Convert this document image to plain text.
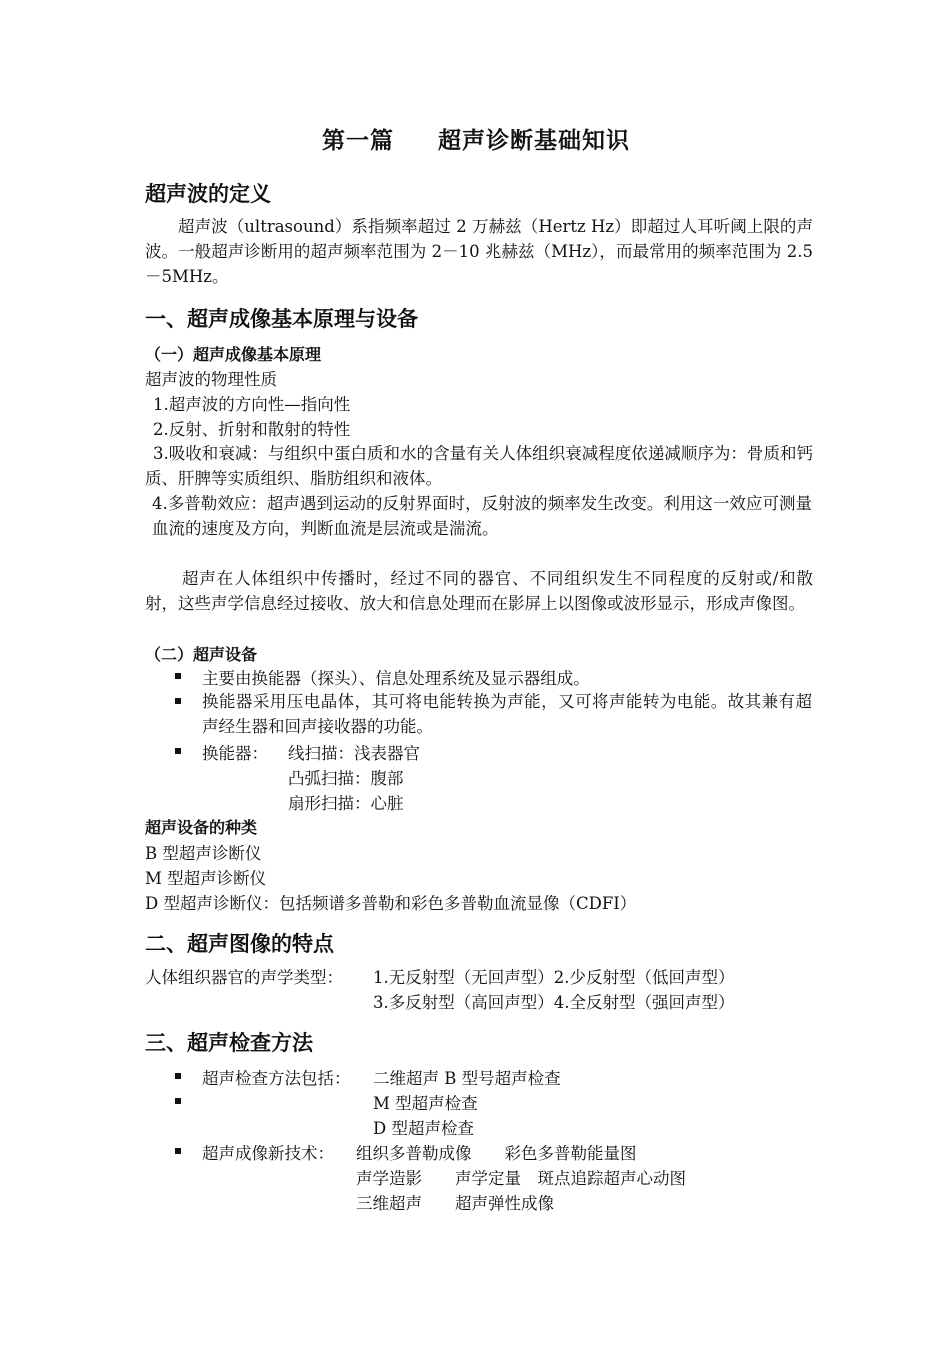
第一篇 超声诊断基础知识
超声波的定义
超声波（ultrasound）系指频率超过 2 万赫兹（Hertz Hz）即超过人耳听阈上限的声波。一般超声诊断用的超声频率范围为 2－10 兆赫兹（MHz），而最常用的频率范围为 2.5－5MHz。
一、超声成像基本原理与设备
（一）超声成像基本原理
超声波的物理性质
1.超声波的方向性—指向性
2.反射、折射和散射的特性
3.吸收和衰减：与组织中蛋白质和水的含量有关人体组织衰减程度依递减顺序为：骨质和钙质、肝脾等实质组织、脂肪组织和液体。
4.多普勒效应：超声遇到运动的反射界面时，反射波的频率发生改变。利用这一效应可测量血流的速度及方向，判断血流是层流或是湍流。
超声在人体组织中传播时，经过不同的器官、不同组织发生不同程度的反射或/和散射，这些声学信息经过接收、放大和信息处理而在影屏上以图像或波形显示，形成声像图。
（二）超声设备
主要由换能器（探头）、信息处理系统及显示器组成。
换能器采用压电晶体，其可将电能转换为声能，又可将声能转为电能。故其兼有超声经生器和回声接收器的功能。
换能器： 线扫描：浅表器官
凸弧扫描：腹部
扇形扫描：心脏
超声设备的种类
B 型超声诊断仪
M 型超声诊断仪
D 型超声诊断仪：包括频谱多普勒和彩色多普勒血流显像（CDFI）
二、超声图像的特点
人体组织器官的声学类型： 1.无反射型（无回声型）2.少反射型（低回声型）
3.多反射型（高回声型）4.全反射型（强回声型）
三、超声检查方法
超声检查方法包括： 二维超声 B 型号超声检查
M 型超声检查
D 型超声检查
超声成像新技术： 组织多普勒成像　　彩色多普勒能量图
声学造影　　声学定量　斑点追踪超声心动图
三维超声　　超声弹性成像
